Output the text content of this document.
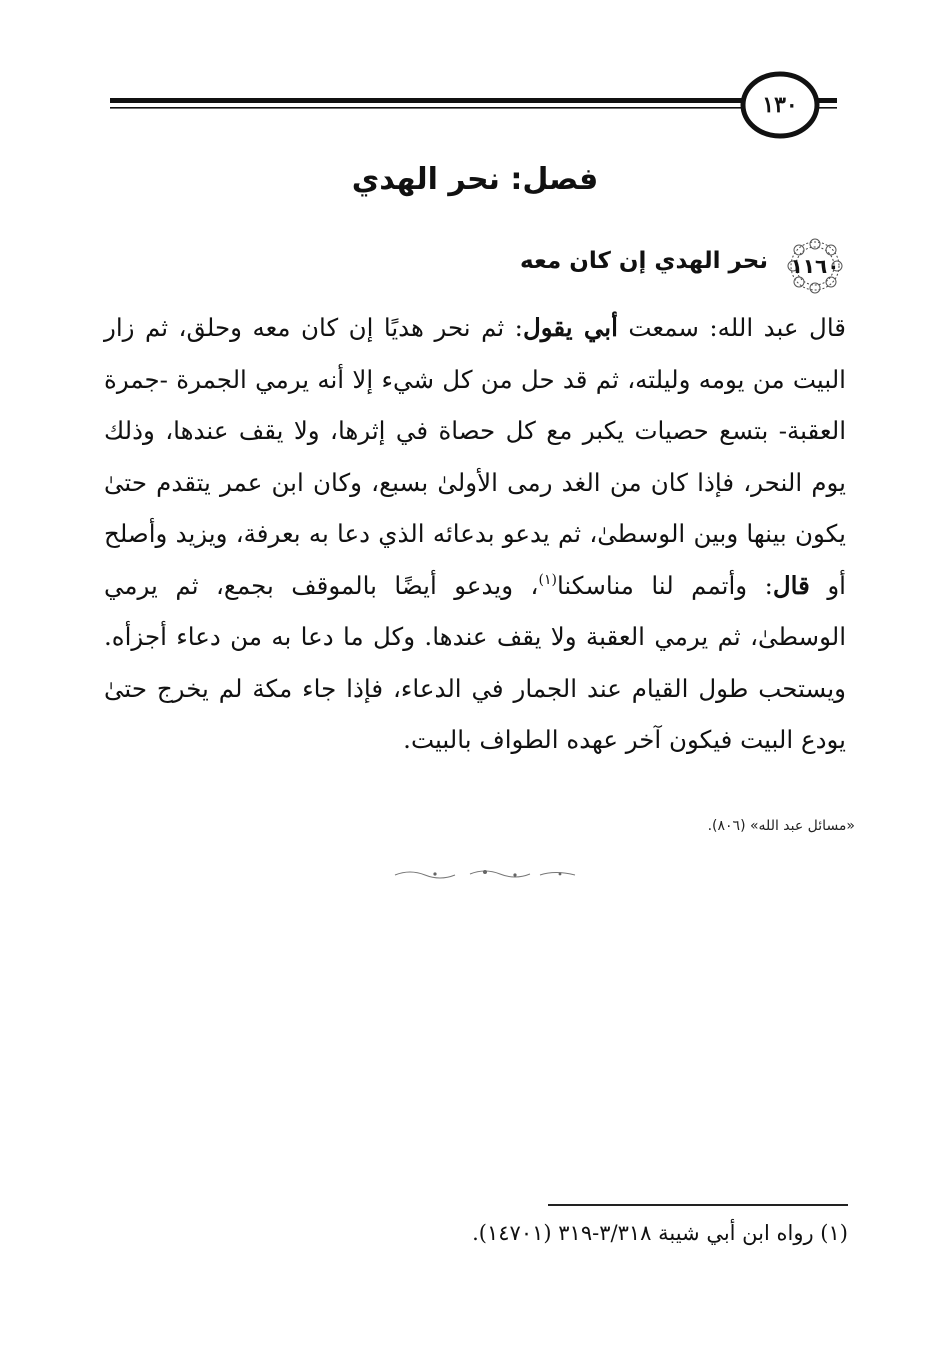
١٣٠
فصل: نحر الهدي
١١٦٠
نحر الهدي إن كان معه
قال عبد الله: سمعت أبي يقول: ثم نحر هديًا إن كان معه وحلق، ثم زار البيت من يومه وليلته، ثم قد حل من كل شيء إلا أنه يرمي الجمرة -جمرة العقبة- بتسع حصيات يكبر مع كل حصاة في إثرها، ولا يقف عندها، وذلك يوم النحر، فإذا كان من الغد رمى الأولىٰ بسبع، وكان ابن عمر يتقدم حتىٰ يكون بينها وبين الوسطىٰ، ثم يدعو بدعائه الذي دعا به بعرفة، ويزيد وأصلح أو قال: وأتمم لنا مناسكنا$^{(١)}$، ويدعو أيضًا بالموقف بجمع، ثم يرمي الوسطىٰ، ثم يرمي العقبة ولا يقف عندها. وكل ما دعا به من دعاء أجزأه. ويستحب طول القيام عند الجمار في الدعاء، فإذا جاء مكة لم يخرج حتىٰ يودع البيت فيكون آخر عهده الطواف بالبيت.
«مسائل عبد الله» (٨٠٦).
(١) رواه ابن أبي شيبة ٣/٣١٨-٣١٩ (١٤٧٠١).
